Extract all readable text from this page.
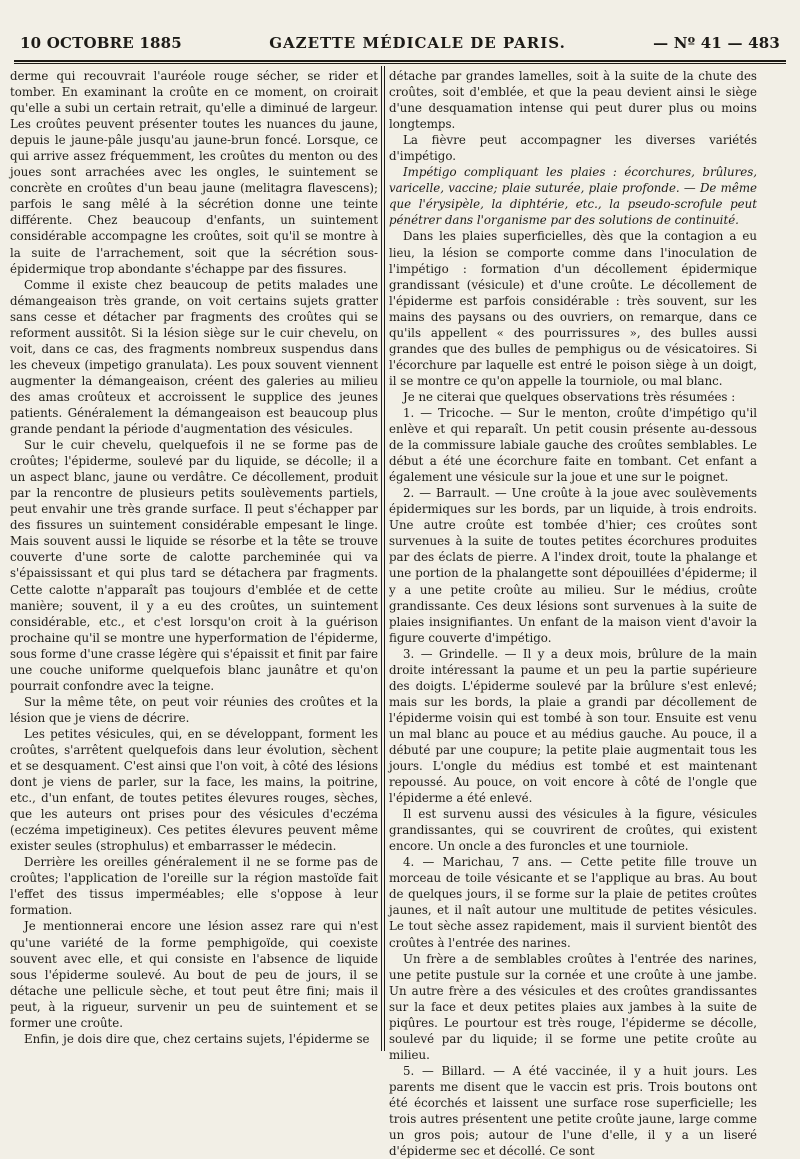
10 OCTOBRE 1885	GAZETTE MÉDICALE DE PARIS.	— Nº 41 — 483

derme qui recouvrait l'auréole rouge sécher, se rider et tomber. En examinant la croûte en ce moment, on croirait qu'elle a subi un certain retrait, qu'elle a diminué de largeur. Les croûtes peuvent présenter toutes les nuances du jaune, depuis le jaune-pâle jusqu'au jaune-brun foncé. Lorsque, ce qui arrive assez fréquemment, les croûtes du menton ou des joues sont arrachées avec les ongles, le suintement se concrète en croûtes d'un beau jaune (melitagra flavescens); parfois le sang mêlé à la sécrétion donne une teinte différente. Chez beaucoup d'enfants, un suintement considérable accompagne les croûtes, soit qu'il se montre à la suite de l'arrachement, soit que la sécrétion sous-épidermique trop abondante s'échappe par des fissures.

Comme il existe chez beaucoup de petits malades une démangeaison très grande, on voit certains sujets gratter sans cesse et détacher par fragments des croûtes qui se reforment aussitôt. Si la lésion siège sur le cuir chevelu, on voit, dans ce cas, des fragments nombreux suspendus dans les cheveux (impetigo granulata). Les poux souvent viennent augmenter la démangeaison, créent des galeries au milieu des amas croûteux et accroissent le supplice des jeunes patients. Généralement la démangeaison est beaucoup plus grande pendant la période d'augmentation des vésicules.

Sur le cuir chevelu, quelquefois il ne se forme pas de croûtes; l'épiderme, soulevé par du liquide, se décolle; il a un aspect blanc, jaune ou verdâtre. Ce décollement, produit par la rencontre de plusieurs petits soulèvements partiels, peut envahir une très grande surface. Il peut s'échapper par des fissures un suintement considérable empesant le linge. Mais souvent aussi le liquide se résorbe et la tête se trouve couverte d'une sorte de calotte parcheminée qui va s'épaississant et qui plus tard se détachera par fragments. Cette calotte n'apparaît pas toujours d'emblée et de cette manière; souvent, il y a eu des croûtes, un suintement considérable, etc., et c'est lorsqu'on croit à la guérison prochaine qu'il se montre une hyperformation de l'épiderme, sous forme d'une crasse légère qui s'épaissit et finit par faire une couche uniforme quelquefois blanc jaunâtre et qu'on pourrait confondre avec la teigne.

Sur la même tête, on peut voir réunies des croûtes et la lésion que je viens de décrire.

Les petites vésicules, qui, en se développant, forment les croûtes, s'arrêtent quelquefois dans leur évolution, sèchent et se desquament. C'est ainsi que l'on voit, à côté des lésions dont je viens de parler, sur la face, les mains, la poitrine, etc., d'un enfant, de toutes petites élevures rouges, sèches, que les auteurs ont prises pour des vésicules d'eczéma (eczéma impetigineux). Ces petites élevures peuvent même exister seules (strophulus) et embarrasser le médecin.

Derrière les oreilles généralement il ne se forme pas de croûtes; l'application de l'oreille sur la région mastoïde fait l'effet des tissus imperméables; elle s'oppose à leur formation.

Je mentionnerai encore une lésion assez rare qui n'est qu'une variété de la forme pemphigoïde, qui coexiste souvent avec elle, et qui consiste en l'absence de liquide sous l'épiderme soulevé. Au bout de peu de jours, il se détache une pellicule sèche, et tout peut être fini; mais il peut, à la rigueur, survenir un peu de suintement et se former une croûte.

Enfin, je dois dire que, chez certains sujets, l'épiderme se

détache par grandes lamelles, soit à la suite de la chute des croûtes, soit d'emblée, et que la peau devient ainsi le siège d'une desquamation intense qui peut durer plus ou moins longtemps.

La fièvre peut accompagner les diverses variétés d'impétigo.

Impétigo compliquant les plaies : écorchures, brûlures, varicelle, vaccine; plaie suturée, plaie profonde. — De même que l'érysipèle, la diphtérie, etc., la pseudo-scrofule peut pénétrer dans l'organisme par des solutions de continuité.

Dans les plaies superficielles, dès que la contagion a eu lieu, la lésion se comporte comme dans l'inoculation de l'impétigo : formation d'un décollement épidermique grandissant (vésicule) et d'une croûte. Le décollement de l'épiderme est parfois considérable : très souvent, sur les mains des paysans ou des ouvriers, on remarque, dans ce qu'ils appellent « des pourrissures », des bulles aussi grandes que des bulles de pemphigus ou de vésicatoires. Si l'écorchure par laquelle est entré le poison siège à un doigt, il se montre ce qu'on appelle la tourniole, ou mal blanc.

Je ne citerai que quelques observations très résumées :

1. — Tricoche. — Sur le menton, croûte d'impétigo qu'il enlève et qui reparaît. Un petit cousin présente au-dessous de la commissure labiale gauche des croûtes semblables. Le début a été une écorchure faite en tombant. Cet enfant a également une vésicule sur la joue et une sur le poignet.

2. — Barrault. — Une croûte à la joue avec soulèvements épidermiques sur les bords, par un liquide, à trois endroits. Une autre croûte est tombée d'hier; ces croûtes sont survenues à la suite de toutes petites écorchures produites par des éclats de pierre. A l'index droit, toute la phalange et une portion de la phalangette sont dépouillées d'épiderme; il y a une petite croûte au milieu. Sur le médius, croûte grandissante. Ces deux lésions sont survenues à la suite de plaies insignifiantes. Un enfant de la maison vient d'avoir la figure couverte d'impétigo.

3. — Grindelle. — Il y a deux mois, brûlure de la main droite intéressant la paume et un peu la partie supérieure des doigts. L'épiderme soulevé par la brûlure s'est enlevé; mais sur les bords, la plaie a grandi par décollement de l'épiderme voisin qui est tombé à son tour. Ensuite est venu un mal blanc au pouce et au médius gauche. Au pouce, il a débuté par une coupure; la petite plaie augmentait tous les jours. L'ongle du médius est tombé et est maintenant repoussé. Au pouce, on voit encore à côté de l'ongle que l'épiderme a été enlevé.

Il est survenu aussi des vésicules à la figure, vésicules grandissantes, qui se couvrirent de croûtes, qui existent encore. Un oncle a des furoncles et une tourniole.

4. — Marichau, 7 ans. — Cette petite fille trouve un morceau de toile vésicante et se l'applique au bras. Au bout de quelques jours, il se forme sur la plaie de petites croûtes jaunes, et il naît autour une multitude de petites vésicules. Le tout sèche assez rapidement, mais il survient bientôt des croûtes à l'entrée des narines.

Un frère a de semblables croûtes à l'entrée des narines, une petite pustule sur la cornée et une croûte à une jambe. Un autre frère a des vésicules et des croûtes grandissantes sur la face et deux petites plaies aux jambes à la suite de piqûres. Le pourtour est très rouge, l'épiderme se décolle, soulevé par du liquide; il se forme une petite croûte au milieu.

5. — Billard. — A été vaccinée, il y a huit jours. Les parents me disent que le vaccin est pris. Trois boutons ont été écorchés et laissent une surface rose superficielle; les trois autres présentent une petite croûte jaune, large comme un gros pois; autour de l'une d'elle, il y a un liseré d'épiderme sec et décollé. Ce sont
